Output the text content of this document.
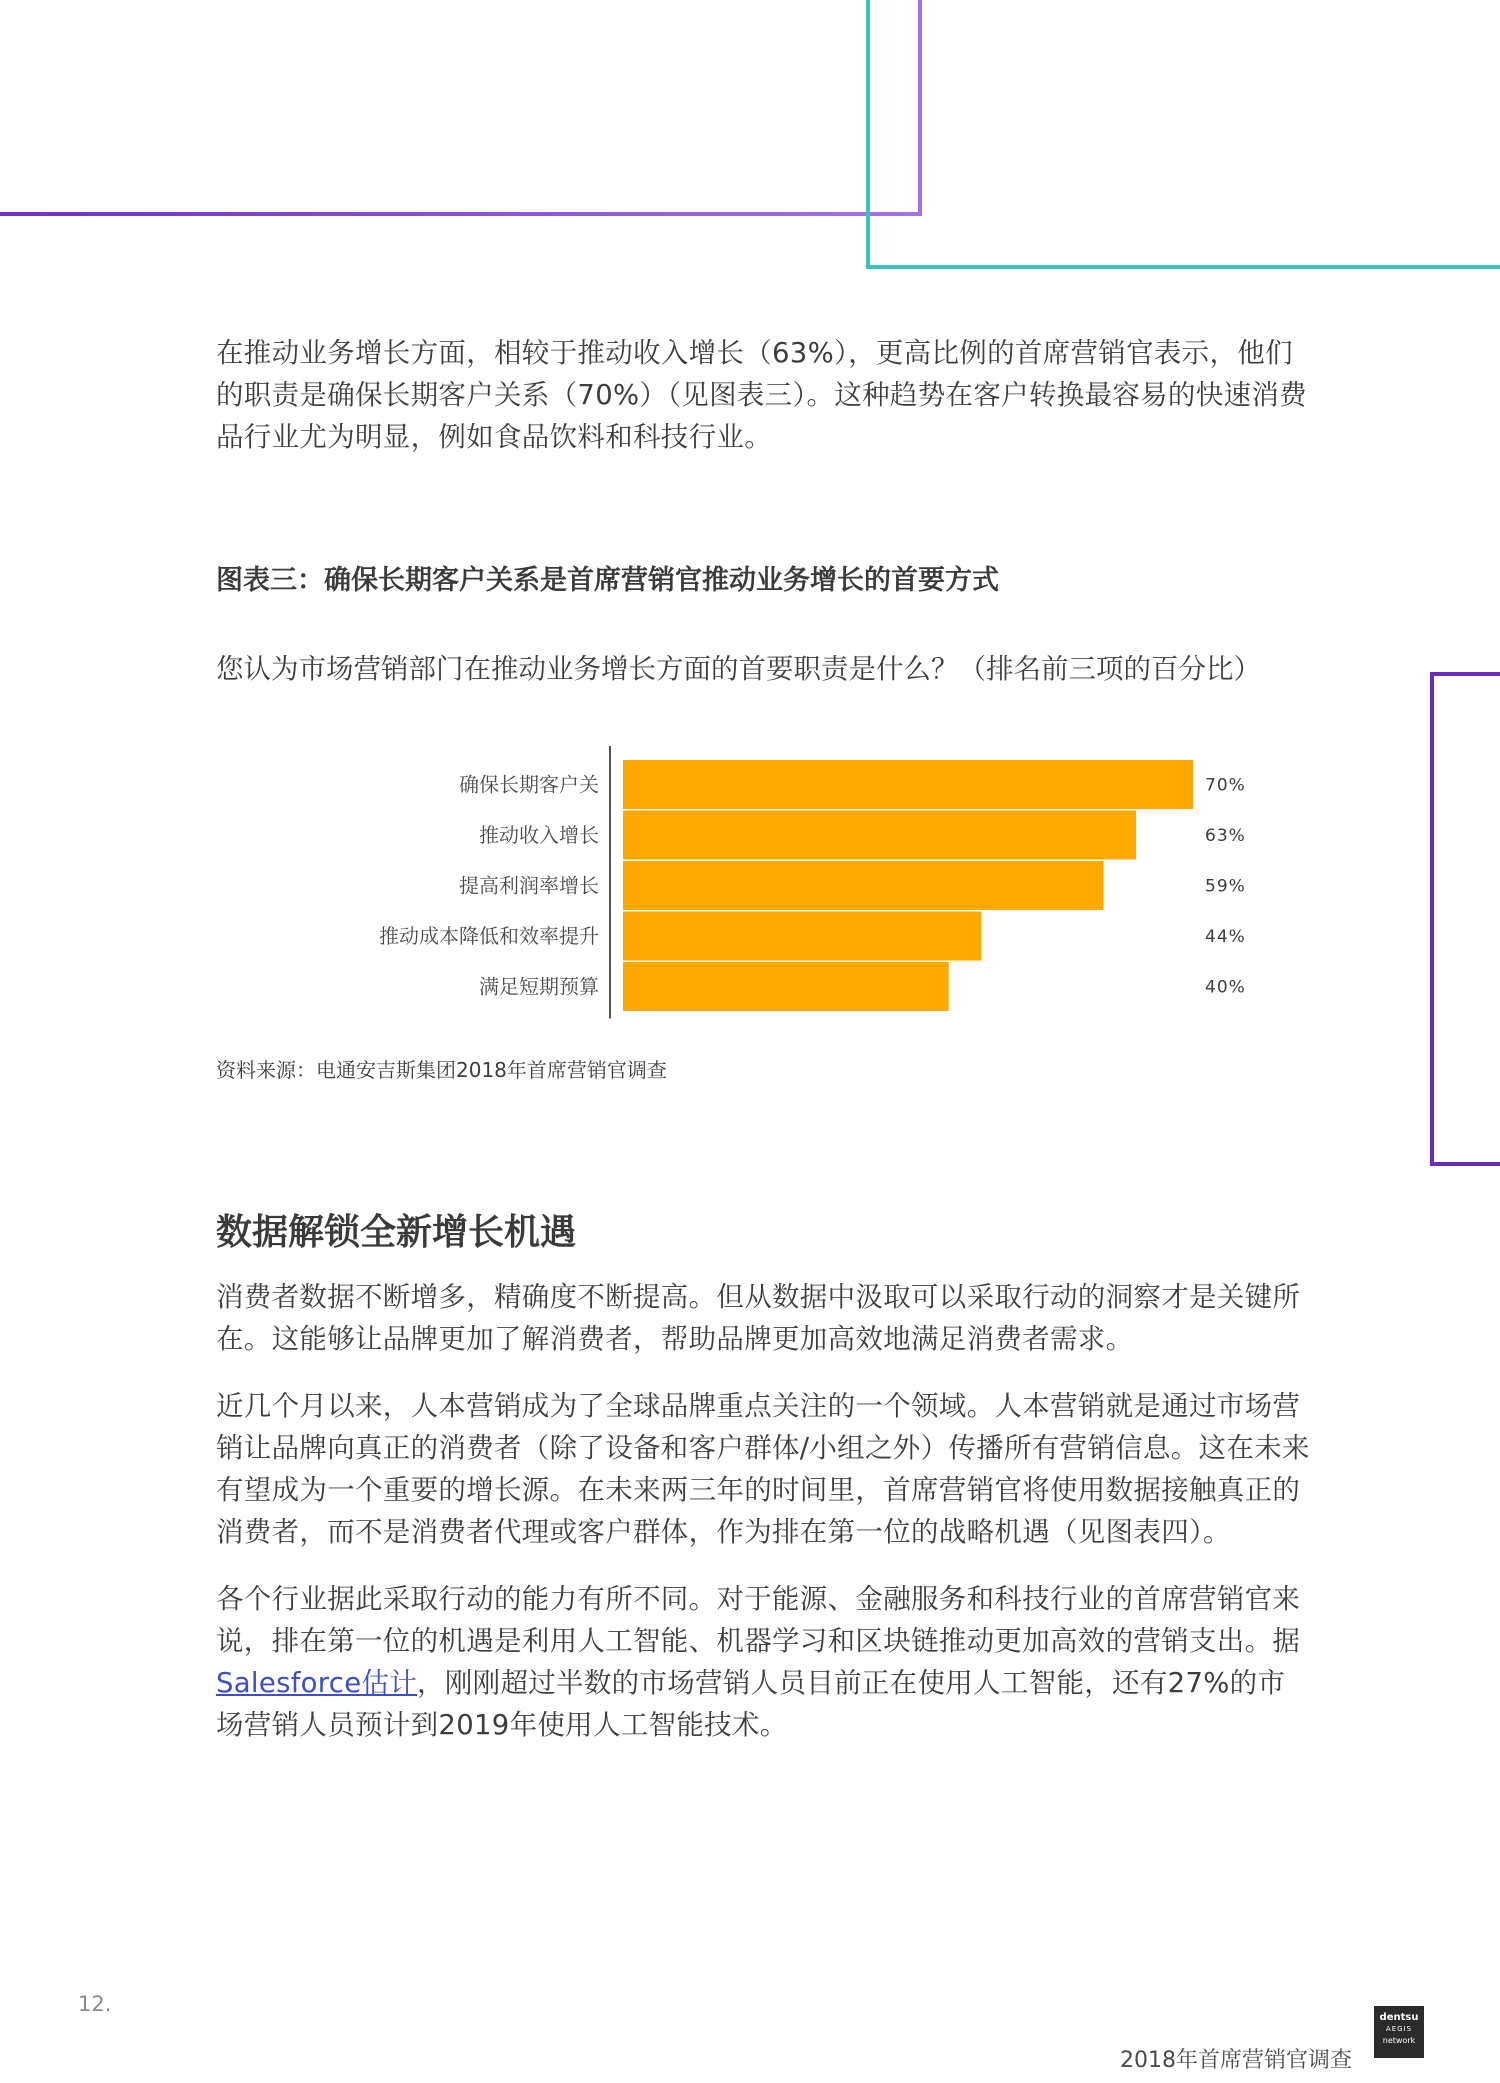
在推动业务增长方面，相较于推动收入增长（63%），更高比例的首席营销官表示，他们的职责是确保长期客户关系（70%）（见图表三）。这种趋势在客户转换最容易的快速消费品行业尤为明显，例如食品饮料和科技行业。

图表三：确保长期客户关系是首席营销官推动业务增长的首要方式

您认为市场营销部门在推动业务增长方面的首要职责是什么？（排名前三项的百分比）

确保长期客户关	70%
推动收入增长	63%
提高利润率增长	59%
推动成本降低和效率提升	44%
满足短期预算	40%

资料来源：电通安吉斯集团2018年首席营销官调查

数据解锁全新增长机遇

消费者数据不断增多，精确度不断提高。但从数据中汲取可以采取行动的洞察才是关键所在。这能够让品牌更加了解消费者，帮助品牌更加高效地满足消费者需求。

近几个月以来，人本营销成为了全球品牌重点关注的一个领域。人本营销就是通过市场营销让品牌向真正的消费者（除了设备和客户群体/小组之外）传播所有营销信息。这在未来有望成为一个重要的增长源。在未来两三年的时间里，首席营销官将使用数据接触真正的消费者，而不是消费者代理或客户群体，作为排在第一位的战略机遇（见图表四）。

各个行业据此采取行动的能力有所不同。对于能源、金融服务和科技行业的首席营销官来说，排在第一位的机遇是利用人工智能、机器学习和区块链推动更加高效的营销支出。据Salesforce估计，刚刚超过半数的市场营销人员目前正在使用人工智能，还有27%的市场营销人员预计到2019年使用人工智能技术。

12.

2018年首席营销官调查

dentsu
AEGIS
network
